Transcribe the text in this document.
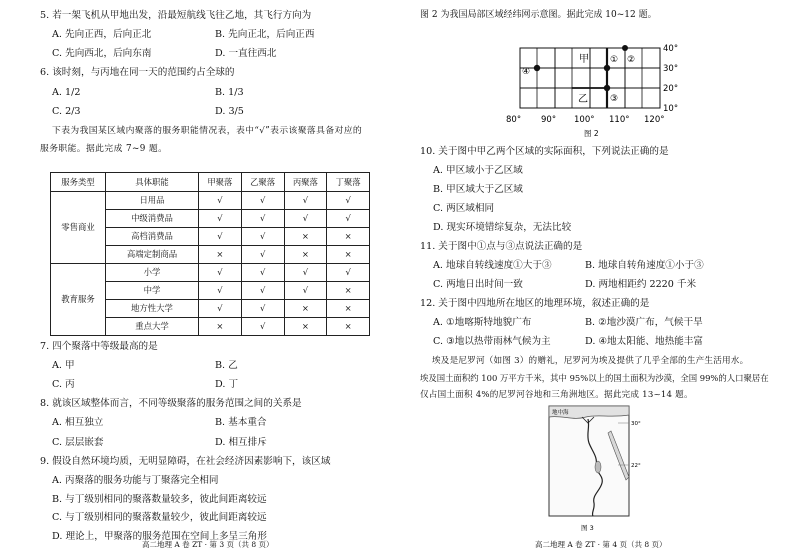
5. 若一架飞机从甲地出发，沿最短航线飞往乙地，其飞行方向为
A. 先向正西，后向正北	B. 先向正北，后向正西
C. 先向西北，后向东南	D. 一直往西北
6. 该时刻，与丙地在同一天的范围约占全球的
A. 1/2	B. 1/3
C. 2/3	D. 3/5
下表为我国某区域内聚落的服务职能情况表，表中“√”表示该聚落具备对应的
服务职能。据此完成 7~9 题。
服务类型	具体职能	甲聚落	乙聚落	丙聚落	丁聚落
零售商业	日用品	√	√	√	√
	中级消费品	√	√	√	√
	高档消费品	√	√	×	×
	高端定制商品	×	√	×	×
教育服务	小学	√	√	√	√
	中学	√	√	√	×
	地方性大学	√	√	×	×
	重点大学	×	√	×	×
7. 四个聚落中等级最高的是
A. 甲	B. 乙
C. 丙	D. 丁
8. 就该区域整体而言，不同等级聚落的服务范围之间的关系是
A. 相互独立	B. 基本重合
C. 层层嵌套	D. 相互排斥
9. 假设自然环境均质，无明显障碍，在社会经济因素影响下，该区域
A. 丙聚落的服务功能与丁聚落完全相同
B. 与丁级别相同的聚落数量较多，彼此间距离较远
C. 与丁级别相同的聚落数量较少，彼此间距离较远
D. 理论上，甲聚落的服务范围在空间上多呈三角形
高二地理 A 卷 ZT · 第 3 页（共 8 页）
图 2 为我国局部区域经纬网示意图。据此完成 10~12 题。
甲
乙
① ②
③
④
40°
30°
20°
10°
80° 90° 100° 110° 120°
图 2
10. 关于图中甲乙两个区域的实际面积，下列说法正确的是
A. 甲区域小于乙区域
B. 甲区域大于乙区域
C. 两区域相同
D. 现实环境错综复杂，无法比较
11. 关于图中①点与③点说法正确的是
A. 地球自转线速度①大于③	B. 地球自转角速度①小于③
C. 两地日出时间一致	D. 两地相距约 2220 千米
12. 关于图中四地所在地区的地理环境，叙述正确的是
A. ①地喀斯特地貌广布	B. ②地沙漠广布，气候干旱
C. ③地以热带雨林气候为主	D. ④地太阳能、地热能丰富
埃及是尼罗河（如图 3）的赠礼，尼罗河为埃及提供了几乎全部的生产生活用水。
埃及国土面积约 100 万平方千米，其中 95%以上的国土面积为沙漠，全国 99%的人口聚居在
仅占国土面积 4%的尼罗河谷地和三角洲地区。据此完成 13~14 题。
30°
22°
地中海
图 3
高二地理 A 卷 ZT · 第 4 页（共 8 页）
